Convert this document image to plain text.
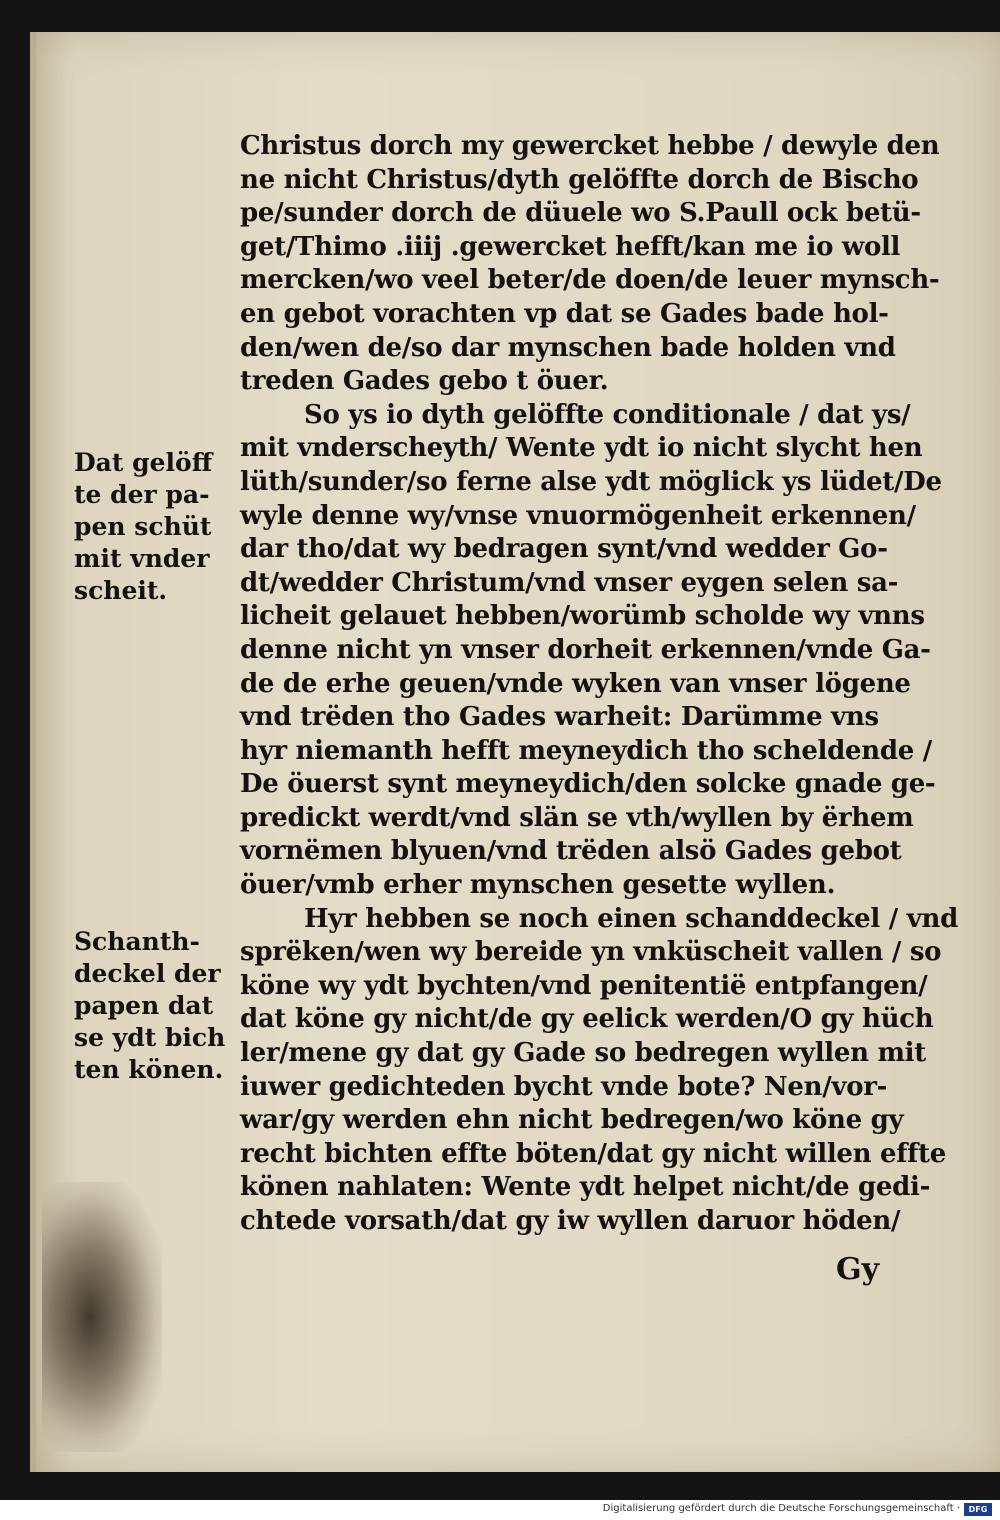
Dat gelöff
te der pa‑
pen schüt
mit vnder
scheit.
Schanth‑
deckel der
papen dat
se ydt bich
ten könen.
Christus dorch my gewercket hebbe / dewyle den
ne nicht Christus/dyth gelöffte dorch de Bischo
pe/sunder dorch de düuele wo S.Paull ock betü‑
get/Thimo .iiij .gewercket hefft/kan me io woll
mercken/wo veel beter/de doen/de leuer mynsch‑
en gebot vorachten vp dat se Gades bade hol‑
den/wen de/so dar mynschen bade holden vnd
treden Gades gebo t öuer.
So ys io dyth gelöffte conditionale / dat ys/
mit vnderscheyth/ Wente ydt io nicht slycht hen
lüth/sunder/so ferne alse ydt möglick ys lüdet/De
wyle denne wy/vnse vnuormögenheit erkennen/
dar tho/dat wy bedragen synt/vnd wedder Go‑
dt/wedder Christum/vnd vnser eygen selen sa‑
licheit gelauet hebben/worümb scholde wy vnns
denne nicht yn vnser dorheit erkennen/vnde Ga‑
de de erhe geuen/vnde wyken van vnser lögene
vnd trëden tho Gades warheit: Darümme vns
hyr niemanth hefft meyneydich tho scheldende /
De öuerst synt meyneydich/den solcke gnade ge‑
predickt werdt/vnd slän se vth/wyllen by ërhem
vornëmen blyuen/vnd trëden alsö Gades gebot
öuer/vmb erher mynschen gesette wyllen.
Hyr hebben se noch einen schanddeckel / vnd
sprëken/wen wy bereide yn vnküscheit vallen / so
köne wy ydt bychten/vnd penitentië entpfangen/
dat köne gy nicht/de gy eelick werden/O gy hüch
ler/mene gy dat gy Gade so bedregen wyllen mit
iuwer gedichteden bycht vnde bote? Nen/vor‑
war/gy werden ehn nicht bedregen/wo köne gy
recht bichten effte böten/dat gy nicht willen effte
könen nahlaten: Wente ydt helpet nicht/de gedi‑
chtede vorsath/dat gy iw wyllen daruor höden/
Gy
Digitalisierung gefördert durch die Deutsche Forschungsgemeinschaft ·	DFG
